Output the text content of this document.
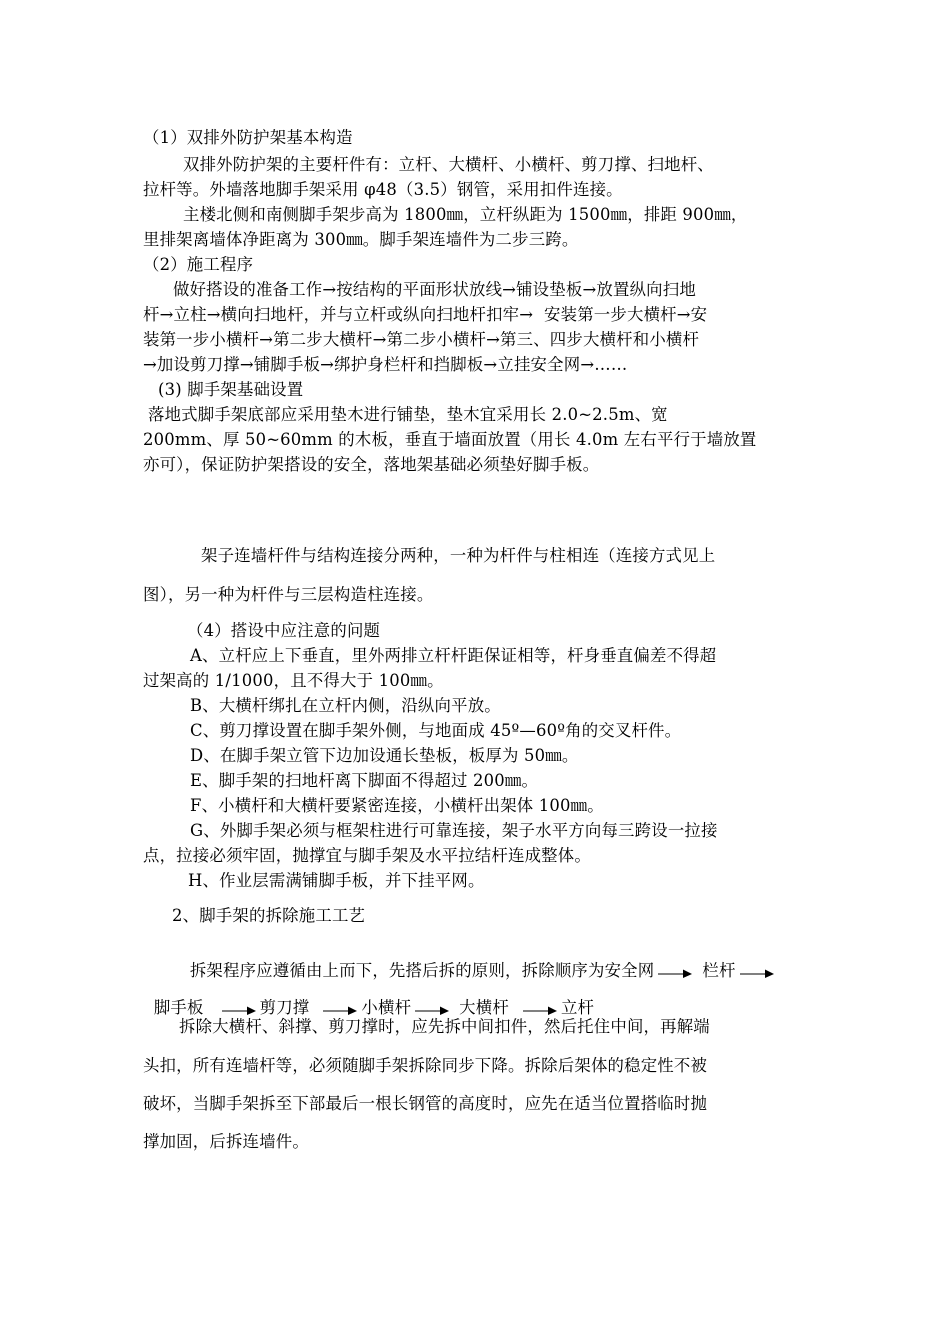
（1）双排外防护架基本构造
双排外防护架的主要杆件有：立杆、大横杆、小横杆、剪刀撑、扫地杆、
拉杆等。外墙落地脚手架采用 φ48（3.5）钢管，采用扣件连接。
主楼北侧和南侧脚手架步高为 1800㎜，立杆纵距为 1500㎜，排距 900㎜，
里排架离墙体净距离为 300㎜。脚手架连墙件为二步三跨。
（2）施工程序
做好搭设的准备工作→按结构的平面形状放线→铺设垫板→放置纵向扫地
杆→立柱→横向扫地杆，并与立杆或纵向扫地杆扣牢→  安装第一步大横杆→安
装第一步小横杆→第二步大横杆→第二步小横杆→第三、四步大横杆和小横杆
→加设剪刀撑→铺脚手板→绑护身栏杆和挡脚板→立挂安全网→……
(3) 脚手架基础设置
落地式脚手架底部应采用垫木进行铺垫，垫木宜采用长 2.0~2.5m、宽
200mm、厚 50~60mm 的木板，垂直于墙面放置（用长 4.0m 左右平行于墙放置
亦可），保证防护架搭设的安全，落地架基础必须垫好脚手板。
架子连墙杆件与结构连接分两种，一种为杆件与柱相连（连接方式见上
图），另一种为杆件与三层构造柱连接。
（4）搭设中应注意的问题
A、立杆应上下垂直，里外两排立杆杆距保证相等，杆身垂直偏差不得超
过架高的 1/1000，且不得大于 100㎜。
B、大横杆绑扎在立杆内侧，沿纵向平放。
C、剪刀撑设置在脚手架外侧，与地面成 45º—60º角的交叉杆件。
D、在脚手架立管下边加设通长垫板，板厚为 50㎜。
E、脚手架的扫地杆离下脚面不得超过 200㎜。
F、小横杆和大横杆要紧密连接，小横杆出架体 100㎜。
G、外脚手架必须与框架柱进行可靠连接，架子水平方向每三跨设一拉接
点，拉接必须牢固，抛撑宜与脚手架及水平拉结杆连成整体。
H、作业层需满铺脚手板，并下挂平网。
2、脚手架的拆除施工工艺

拆架程序应遵循由上而下，先搭后拆的原则，拆除顺序为安全网	栏杆

脚手板	剪刀撑	小横杆	大横杆	立杆

拆除大横杆、斜撑、剪刀撑时，应先拆中间扣件，然后托住中间，再解端
头扣，所有连墙杆等，必须随脚手架拆除同步下降。拆除后架体的稳定性不被
破坏，当脚手架拆至下部最后一根长钢管的高度时，应先在适当位置搭临时抛
撑加固，后拆连墙件。
